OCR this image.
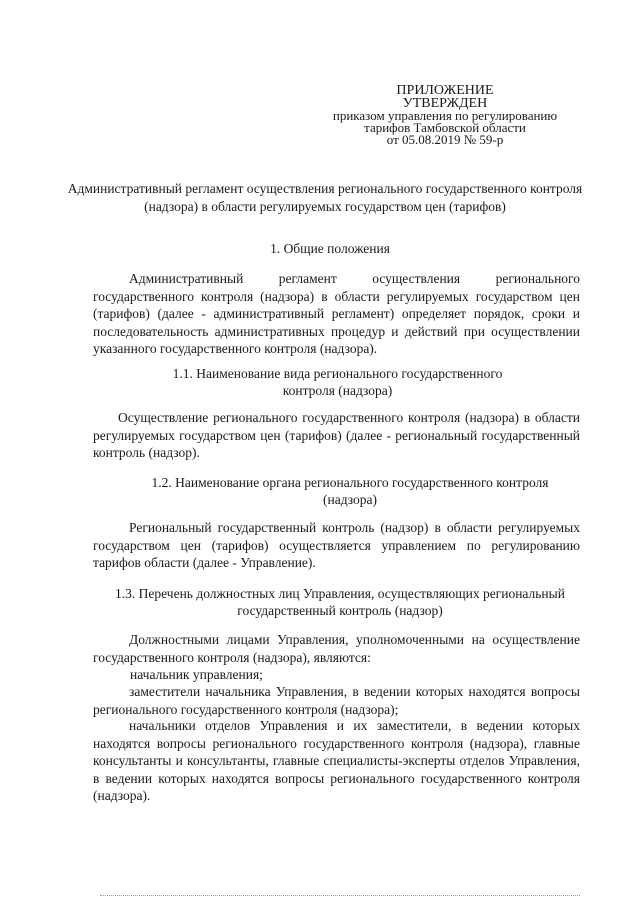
ПРИЛОЖЕНИЕ
УТВЕРЖДЕН
приказом управления по регулированию
тарифов Тамбовской области
от 05.08.2019 № 59-р
Административный регламент осуществления регионального государственного контроля (надзора) в области регулируемых государством цен (тарифов)
1. Общие положения
Административный регламент осуществления регионального государственного контроля (надзора) в области регулируемых государством цен (тарифов) (далее - административный регламент) определяет порядок, сроки и последовательность административных процедур и действий при осуществлении указанного государственного контроля (надзора).
1.1. Наименование вида регионального государственного контроля (надзора)
Осуществление регионального государственного контроля (надзора) в области регулируемых государством цен (тарифов) (далее - региональный государственный контроль (надзор).
1.2. Наименование органа регионального государственного контроля (надзора)
Региональный государственный контроль (надзор) в области регулируемых государством цен (тарифов) осуществляется управлением по регулированию тарифов области (далее - Управление).
1.3. Перечень должностных лиц Управления, осуществляющих региональный государственный контроль (надзор)
Должностными лицами Управления, уполномоченными на осуществление государственного контроля (надзора), являются:
начальник управления;
заместители начальника Управления, в ведении которых находятся вопросы регионального государственного контроля (надзора);
начальники отделов Управления и их заместители, в ведении которых находятся вопросы регионального государственного контроля (надзора), главные консультанты и консультанты, главные специалисты-эксперты отделов Управления, в ведении которых находятся вопросы регионального государственного контроля (надзора).
